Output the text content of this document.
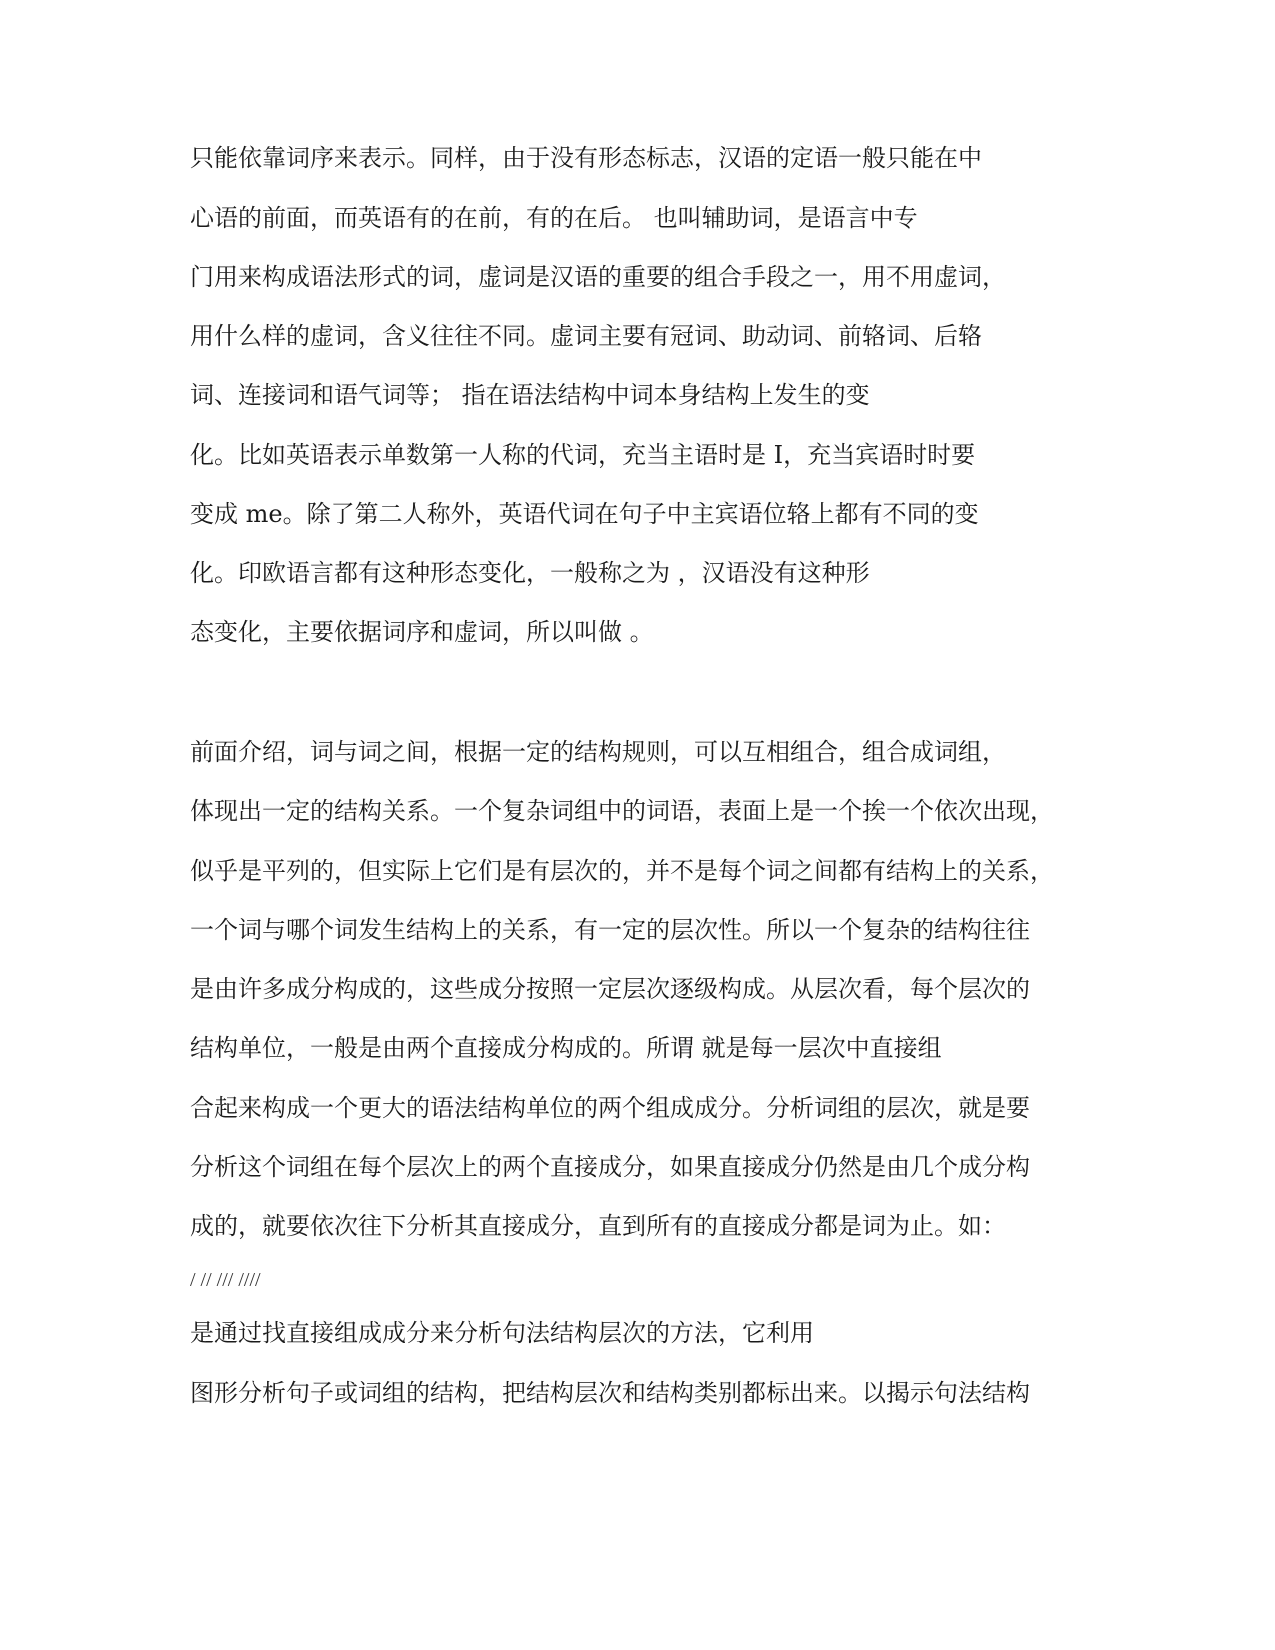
只能依靠词序来表示。同样，由于没有形态标志，汉语的定语一般只能在中
心语的前面，而英语有的在前，有的在后。 也叫辅助词，是语言中专
门用来构成语法形式的词，虚词是汉语的重要的组合手段之一，用不用虚词，
用什么样的虚词，含义往往不同。虚词主要有冠词、助动词、前辂词、后辂
词、连接词和语气词等； 指在语法结构中词本身结构上发生的变
化。比如英语表示单数第一人称的代词，充当主语时是 I，充当宾语时时要
变成 me。除了第二人称外，英语代词在句子中主宾语位辂上都有不同的变
化。印欧语言都有这种形态变化，一般称之为 ，汉语没有这种形
态变化，主要依据词序和虚词，所以叫做 。
前面介绍，词与词之间，根据一定的结构规则，可以互相组合，组合成词组，
体现出一定的结构关系。一个复杂词组中的词语，表面上是一个挨一个依次出现，
似乎是平列的，但实际上它们是有层次的，并不是每个词之间都有结构上的关系，
一个词与哪个词发生结构上的关系，有一定的层次性。所以一个复杂的结构往往
是由许多成分构成的，这些成分按照一定层次逐级构成。从层次看，每个层次的
结构单位，一般是由两个直接成分构成的。所谓 就是每一层次中直接组
合起来构成一个更大的语法结构单位的两个组成成分。分析词组的层次，就是要
分析这个词组在每个层次上的两个直接成分，如果直接成分仍然是由几个成分构
成的，就要依次往下分析其直接成分，直到所有的直接成分都是词为止。如：
/ // /// ////
是通过找直接组成成分来分析句法结构层次的方法，它利用
图形分析句子或词组的结构，把结构层次和结构类别都标出来。以揭示句法结构
